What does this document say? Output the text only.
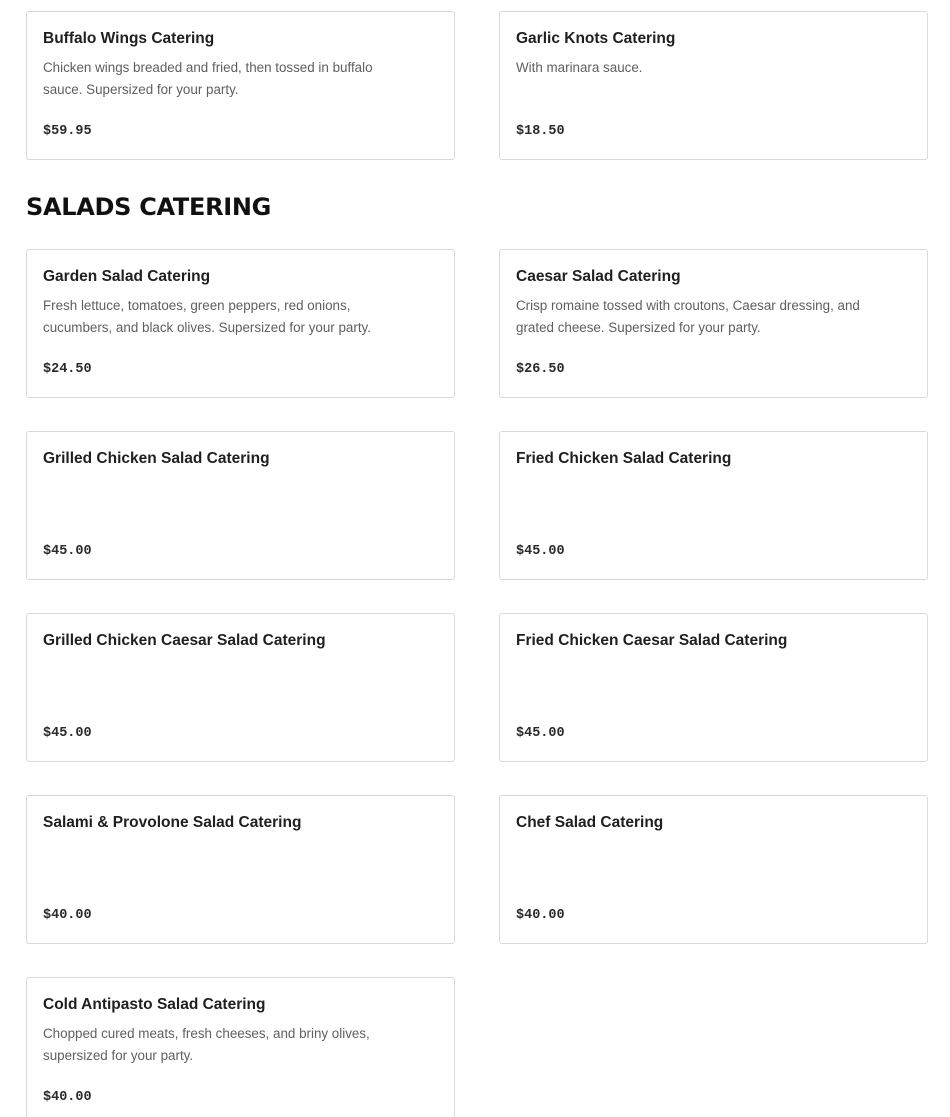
Buffalo Wings Catering
Chicken wings breaded and fried, then tossed in buffalo sauce. Supersized for your party.
$59.95
Garlic Knots Catering
With marinara sauce.
$18.50
SALADS CATERING
Garden Salad Catering
Fresh lettuce, tomatoes, green peppers, red onions, cucumbers, and black olives. Supersized for your party.
$24.50
Caesar Salad Catering
Crisp romaine tossed with croutons, Caesar dressing, and grated cheese. Supersized for your party.
$26.50
Grilled Chicken Salad Catering
$45.00
Fried Chicken Salad Catering
$45.00
Grilled Chicken Caesar Salad Catering
$45.00
Fried Chicken Caesar Salad Catering
$45.00
Salami & Provolone Salad Catering
$40.00
Chef Salad Catering
$40.00
Cold Antipasto Salad Catering
Chopped cured meats, fresh cheeses, and briny olives, supersized for your party.
$40.00
